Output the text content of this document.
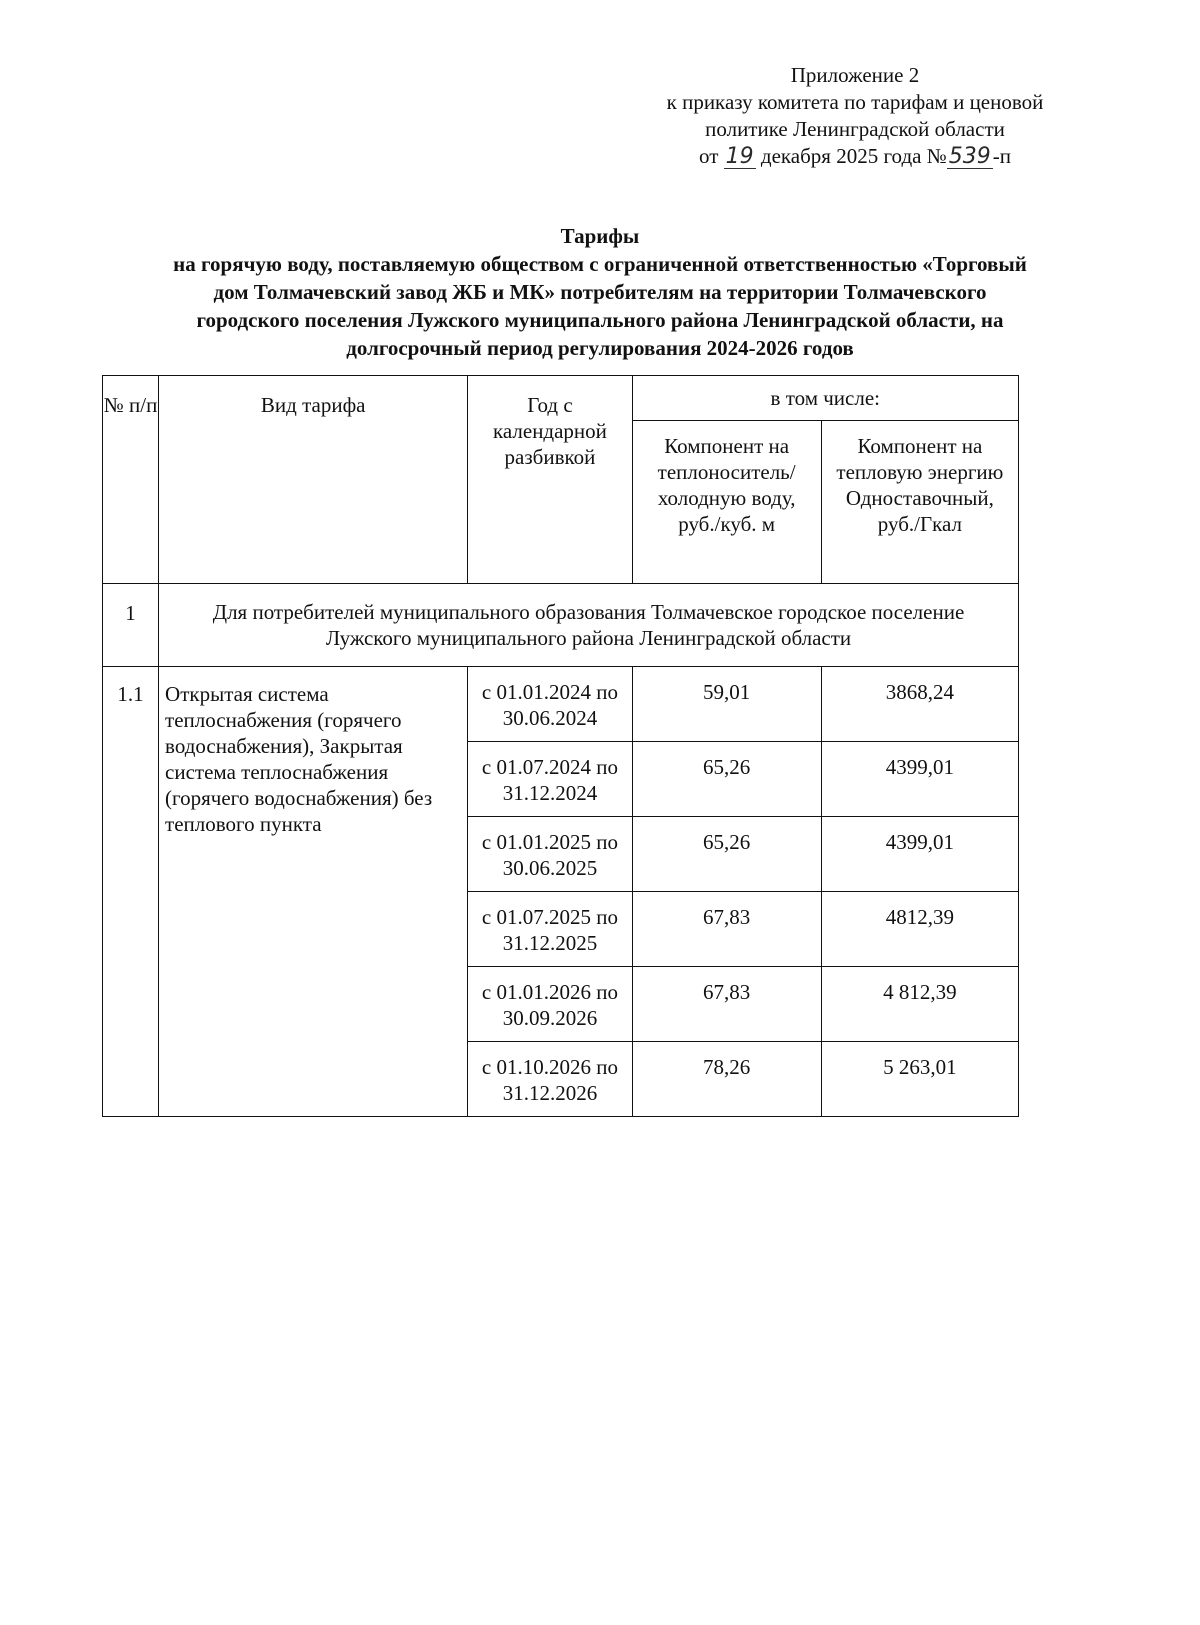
Приложение 2
к приказу комитета по тарифам и ценовой
политике Ленинградской области
от 19 декабря 2025 года №539-п
Тарифы
на горячую воду, поставляемую обществом с ограниченной ответственностью «Торговый
дом Толмачевский завод ЖБ и МК» потребителям на территории Толмачевского
городского поселения Лужского муниципального района Ленинградской области, на
долгосрочный период регулирования 2024-2026 годов
№ п/п	Вид тарифа	Год с календарной разбивкой	в том числе:	
			Компонент на теплоноситель/холодную воду, руб./куб. м	Компонент на тепловую энергию Одноставочный, руб./Гкал
1	Для потребителей муниципального образования Толмачевское городское поселение Лужского муниципального района Ленинградской области			
1.1	Открытая система теплоснабжения (горячего водоснабжения), Закрытая система теплоснабжения (горячего водоснабжения) без теплового пункта	с 01.01.2024 по 30.06.2024	59,01	3868,24
		с 01.07.2024 по 31.12.2024	65,26	4399,01
		с 01.01.2025 по 30.06.2025	65,26	4399,01
		с 01.07.2025 по 31.12.2025	67,83	4812,39
		с 01.01.2026 по 30.09.2026	67,83	4 812,39
		с 01.10.2026 по 31.12.2026	78,26	5 263,01
